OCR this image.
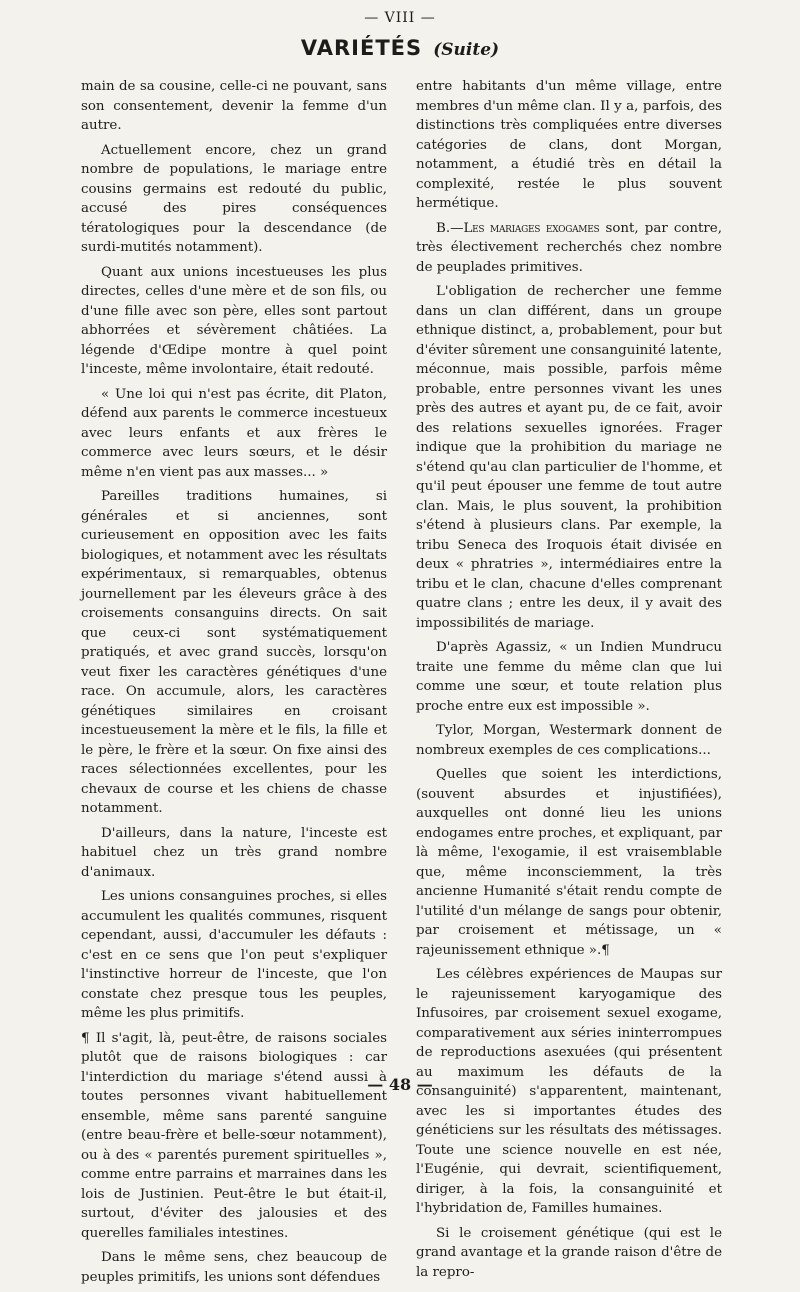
— VIII —
VARIÉTÉS (Suite)

main de sa cousine, celle-ci ne pouvant, sans son consentement, devenir la femme d'un autre.

Actuellement encore, chez un grand nombre de populations, le mariage entre cousins germains est redouté du public, accusé des pires conséquences tératologiques pour la descendance (de surdi-mutités notamment).

Quant aux unions incestueuses les plus directes, celles d'une mère et de son fils, ou d'une fille avec son père, elles sont partout abhorrées et sévèrement châtiées. La légende d'Œdipe montre à quel point l'inceste, même involontaire, était redouté.

« Une loi qui n'est pas écrite, dit Platon, défend aux parents le commerce incestueux avec leurs enfants et aux frères le commerce avec leurs sœurs, et le désir même n'en vient pas aux masses... »

Pareilles traditions humaines, si générales et si anciennes, sont curieusement en opposition avec les faits biologiques, et notamment avec les résultats expérimentaux, si remarquables, obtenus journellement par les éleveurs grâce à des croisements consanguins directs. On sait que ceux-ci sont systématiquement pratiqués, et avec grand succès, lorsqu'on veut fixer les caractères génétiques d'une race. On accumule, alors, les caractères génétiques similaires en croisant incestueusement la mère et le fils, la fille et le père, le frère et la sœur. On fixe ainsi des races sélectionnées excellentes, pour les chevaux de course et les chiens de chasse notamment.

D'ailleurs, dans la nature, l'inceste est habituel chez un très grand nombre d'animaux.

Les unions consanguines proches, si elles accumulent les qualités communes, risquent cependant, aussi, d'accumuler les défauts : c'est en ce sens que l'on peut s'expliquer l'instinctive horreur de l'inceste, que l'on constate chez presque tous les peuples, même les plus primitifs.

¶ Il s'agit, là, peut-être, de raisons sociales plutôt que de raisons biologiques : car l'interdiction du mariage s'étend aussi à toutes personnes vivant habituellement ensemble, même sans parenté sanguine (entre beau-frère et belle-sœur notamment), ou à des « parentés purement spirituelles », comme entre parrains et marraines dans les lois de Justinien. Peut-être le but était-il, surtout, d'éviter des jalousies et des querelles familiales intestines.

Dans le même sens, chez beaucoup de peuples primitifs, les unions sont défendues

entre habitants d'un même village, entre membres d'un même clan. Il y a, parfois, des distinctions très compliquées entre diverses catégories de clans, dont Morgan, notamment, a étudié très en détail la complexité, restée le plus souvent hermétique.

B.—Les mariages exogames sont, par contre, très électivement recherchés chez nombre de peuplades primitives.

L'obligation de rechercher une femme dans un clan différent, dans un groupe ethnique distinct, a, probablement, pour but d'éviter sûrement une consanguinité latente, méconnue, mais possible, parfois même probable, entre personnes vivant les unes près des autres et ayant pu, de ce fait, avoir des relations sexuelles ignorées. Frager indique que la prohibition du mariage ne s'étend qu'au clan particulier de l'homme, et qu'il peut épouser une femme de tout autre clan. Mais, le plus souvent, la prohibition s'étend à plusieurs clans. Par exemple, la tribu Seneca des Iroquois était divisée en deux « phratries », intermédiaires entre la tribu et le clan, chacune d'elles comprenant quatre clans ; entre les deux, il y avait des impossibilités de mariage.

D'après Agassiz, « un Indien Mundrucu traite une femme du même clan que lui comme une sœur, et toute relation plus proche entre eux est impossible ».

Tylor, Morgan, Westermark donnent de nombreux exemples de ces complications...

Quelles que soient les interdictions, (souvent absurdes et injustifiées), auxquelles ont donné lieu les unions endogames entre proches, et expliquant, par là même, l'exogamie, il est vraisemblable que, même inconsciemment, la très ancienne Humanité s'était rendu compte de l'utilité d'un mélange de sangs pour obtenir, par croisement et métissage, un « rajeunissement ethnique ».¶

Les célèbres expériences de Maupas sur le rajeunissement karyogamique des Infusoires, par croisement sexuel exogame, comparativement aux séries ininterrompues de reproductions asexuées (qui présentent au maximum les défauts de la consanguinité) s'apparentent, maintenant, avec les si importantes études des généticiens sur les résultats des métissages. Toute une science nouvelle en est née, l'Eugénie, qui devrait, scientifiquement, diriger, à la fois, la consanguinité et l'hybridation de, Familles humaines.

Si le croisement génétique (qui est le grand avantage et la grande raison d'être de la repro-

— 48 —
